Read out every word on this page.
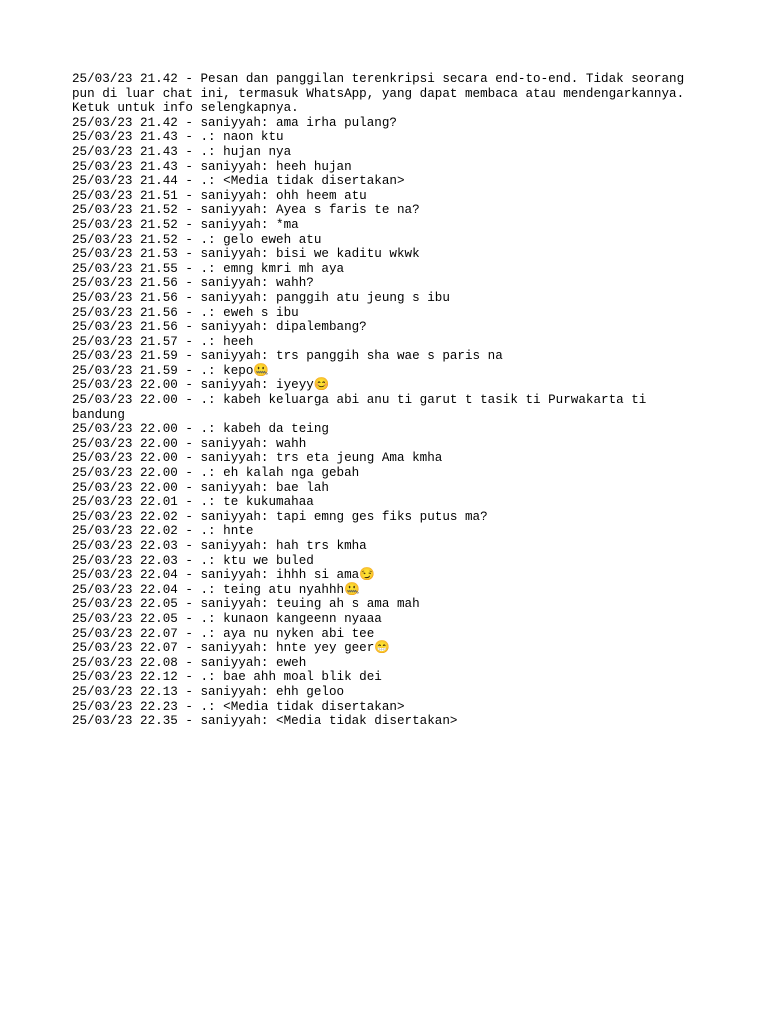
25/03/23 21.42 - Pesan dan panggilan terenkripsi secara end-to-end. Tidak seorang
pun di luar chat ini, termasuk WhatsApp, yang dapat membaca atau mendengarkannya.
Ketuk untuk info selengkapnya.
25/03/23 21.42 - saniyyah: ama irha pulang?
25/03/23 21.43 - .: naon ktu
25/03/23 21.43 - .: hujan nya
25/03/23 21.43 - saniyyah: heeh hujan
25/03/23 21.44 - .: <Media tidak disertakan>
25/03/23 21.51 - saniyyah: ohh heem atu
25/03/23 21.52 - saniyyah: Ayea s faris te na?
25/03/23 21.52 - saniyyah: *ma
25/03/23 21.52 - .: gelo eweh atu
25/03/23 21.53 - saniyyah: bisi we kaditu wkwk
25/03/23 21.55 - .: emng kmri mh aya
25/03/23 21.56 - saniyyah: wahh?
25/03/23 21.56 - saniyyah: panggih atu jeung s ibu
25/03/23 21.56 - .: eweh s ibu
25/03/23 21.56 - saniyyah: dipalembang?
25/03/23 21.57 - .: heeh
25/03/23 21.59 - saniyyah: trs panggih sha wae s paris na
25/03/23 21.59 - .: kepo🤐
25/03/23 22.00 - saniyyah: iyeyy😊
25/03/23 22.00 - .: kabeh keluarga abi anu ti garut t tasik ti Purwakarta ti
bandung
25/03/23 22.00 - .: kabeh da teing
25/03/23 22.00 - saniyyah: wahh
25/03/23 22.00 - saniyyah: trs eta jeung Ama kmha
25/03/23 22.00 - .: eh kalah nga gebah
25/03/23 22.00 - saniyyah: bae lah
25/03/23 22.01 - .: te kukumahaa
25/03/23 22.02 - saniyyah: tapi emng ges fiks putus ma?
25/03/23 22.02 - .: hnte
25/03/23 22.03 - saniyyah: hah trs kmha
25/03/23 22.03 - .: ktu we buled
25/03/23 22.04 - saniyyah: ihhh si ama😏
25/03/23 22.04 - .: teing atu nyahhh🤐
25/03/23 22.05 - saniyyah: teuing ah s ama mah
25/03/23 22.05 - .: kunaon kangeenn nyaaa
25/03/23 22.07 - .: aya nu nyken abi tee
25/03/23 22.07 - saniyyah: hnte yey geer😁
25/03/23 22.08 - saniyyah: eweh
25/03/23 22.12 - .: bae ahh moal blik dei
25/03/23 22.13 - saniyyah: ehh geloo
25/03/23 22.23 - .: <Media tidak disertakan>
25/03/23 22.35 - saniyyah: <Media tidak disertakan>
